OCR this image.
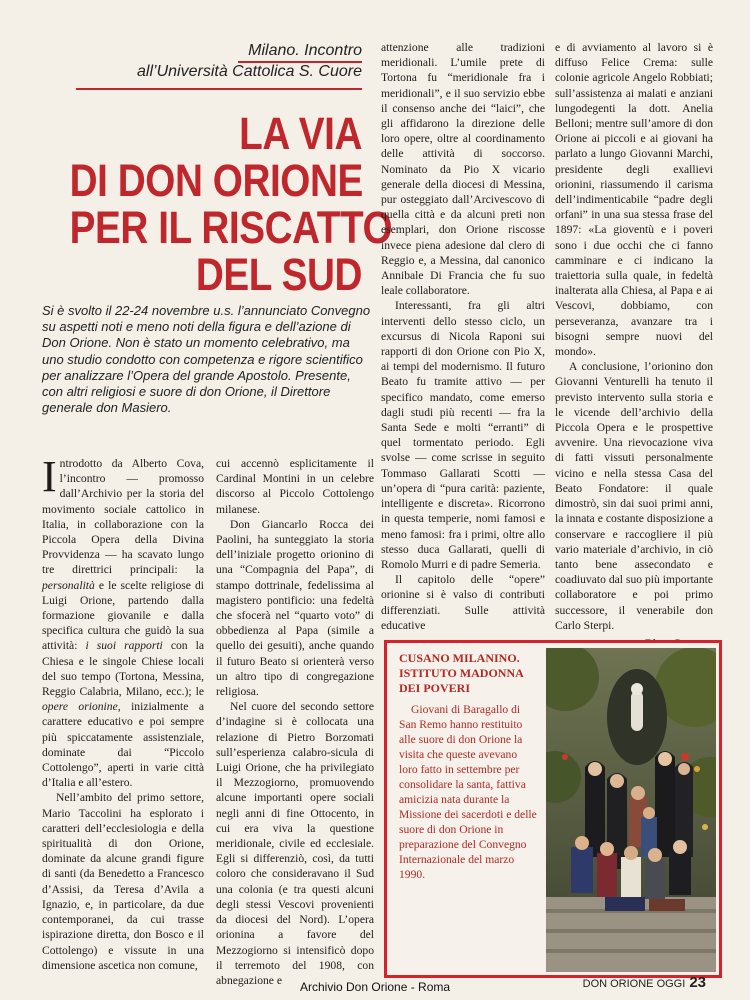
Milano. Incontro
all’Università Cattolica S. Cuore
LA VIA
DI DON ORIONE
PER IL RISCATTO
DEL SUD

Si è svolto il 22-24 novembre u.s. l’annunciato Convegno su aspetti noti e meno noti della figura e dell’azione di Don Orione. Non è stato un momento celebrativo, ma uno studio condotto con competenza e rigore scientifico per analizzare l’Opera del grande Apostolo. Presente, con altri religiosi e suore di don Orione, il Direttore generale don Masiero.

Introdotto da Alberto Cova, l’incontro — promosso dall’Archivio per la storia del movimento sociale cattolico in Italia, in collaborazione con la Piccola Opera della Divina Provvidenza — ha scavato lungo tre direttrici principali: la personalità e le scelte religiose di Luigi Orione, partendo dalla formazione giovanile e dalla specifica cultura che guidò la sua attività: i suoi rapporti con la Chiesa e le singole Chiese locali del suo tempo (Tortona, Messina, Reggio Calabria, Milano, ecc.); le opere orionine, inizialmente a carattere educativo e poi sempre più spiccatamente assistenziale, dominate dai “Piccolo Cottolengo”, aperti in varie città d’Italia e all’estero.

Nell’ambito del primo settore, Mario Taccolini ha esplorato i caratteri dell’ecclesiologia e della spiritualità di don Orione, dominate da alcune grandi figure di santi (da Benedetto a Francesco d’Assisi, da Teresa d’Avila a Ignazio, e, in particolare, da due contemporanei, da cui trasse ispirazione diretta, don Bosco e il Cottolengo) e vissute in una dimensione ascetica non comune,

cui accennò esplicitamente il Cardinal Montini in un celebre discorso al Piccolo Cottolengo milanese.

Don Giancarlo Rocca dei Paolini, ha sunteggiato la storia dell’iniziale progetto orionino di una “Compagnia del Papa”, di stampo dottrinale, fedelissima al magistero pontificio: una fedeltà che sfocerà nel “quarto voto” di obbedienza al Papa (simile a quello dei gesuiti), anche quando il futuro Beato si orienterà verso un altro tipo di congregazione religiosa.

Nel cuore del secondo settore d’indagine si è collocata una relazione di Pietro Borzomati sull’esperienza calabro-sicula di Luigi Orione, che ha privilegiato il Mezzogiorno, promuovendo alcune importanti opere sociali negli anni di fine Ottocento, in cui era viva la questione meridionale, civile ed ecclesiale. Egli si differenziò, così, da tutti coloro che consideravano il Sud una colonia (e tra questi alcuni degli stessi Vescovi provenienti da diocesi del Nord). L’opera orionina a favore del Mezzogiorno si intensificò dopo il terremoto del 1908, con abnegazione e

attenzione alle tradizioni meridionali. L’umile prete di Tortona fu “meridionale fra i meridionali”, e il suo servizio ebbe il consenso anche dei “laici”, che gli affidarono la direzione delle loro opere, oltre al coordinamento delle attività di soccorso. Nominato da Pio X vicario generale della diocesi di Messina, pur osteggiato dall’Arcivescovo di quella città e da alcuni preti non esemplari, don Orione riscosse invece piena adesione dal clero di Reggio e, a Messina, dal canonico Annibale Di Francia che fu suo leale collaboratore.

Interessanti, fra gli altri interventi dello stesso ciclo, un excursus di Nicola Raponi sui rapporti di don Orione con Pio X, ai tempi del modernismo. Il futuro Beato fu tramite attivo — per specifico mandato, come emerso dagli studi più recenti — fra la Santa Sede e molti “erranti” di quel tormentato periodo. Egli svolse — come scrisse in seguito Tommaso Gallarati Scotti — un’opera di “pura carità: paziente, intelligente e discreta». Ricorrono in questa temperie, nomi famosi e meno famosi: fra i primi, oltre allo stesso duca Gallarati, quelli di Romolo Murri e di padre Semeria.

Il capitolo delle “opere” orionine si è valso di contributi differenziati. Sulle attività educative

e di avviamento al lavoro si è diffuso Felice Crema: sulle colonie agricole Angelo Robbiati; sull’assistenza ai malati e anziani lungodegenti la dott. Anelia Belloni; mentre sull’amore di don Orione ai piccoli e ai giovani ha parlato a lungo Giovanni Marchi, presidente degli exallievi orionini, riassumendo il carisma dell’indimenticabile “padre degli orfani” in una sua stessa frase del 1897: «La gioventù e i poveri sono i due occhi che ci fanno camminare e ci indicano la traiettoria sulla quale, in fedeltà inalterata alla Chiesa, al Papa e ai Vescovi, dobbiamo, con perseveranza, avanzare tra i bisogni sempre nuovi del mondo».

A conclusione, l’orionino don Giovanni Venturelli ha tenuto il previsto intervento sulla storia e le vicende dell’archivio della Piccola Opera e le prospettive avvenire. Una rievocazione viva di fatti vissuti personalmente vicino e nella stessa Casa del Beato Fondatore: il quale dimostrò, sin dai suoi primi anni, la innata e costante disposizione a conservare e raccogliere il più vario materiale d’archivio, in ciò tanto bene assecondato e coadiuvato dal suo più importante collaboratore e poi primo successore, il venerabile don Carlo Sterpi.

CUSANO MILANINO. ISTITUTO MADONNA DEI POVERI

Giovani di Baragallo di San Remo hanno restituito alle suore di don Orione la visita che queste avevano loro fatto in settembre per consolidare la santa, fattiva amicizia nata durante la Missione dei sacerdoti e delle suore di don Orione in preparazione del Convegno Internazionale del marzo 1990.

Archivio Don Orione - Roma	DON ORIONE OGGI 23
